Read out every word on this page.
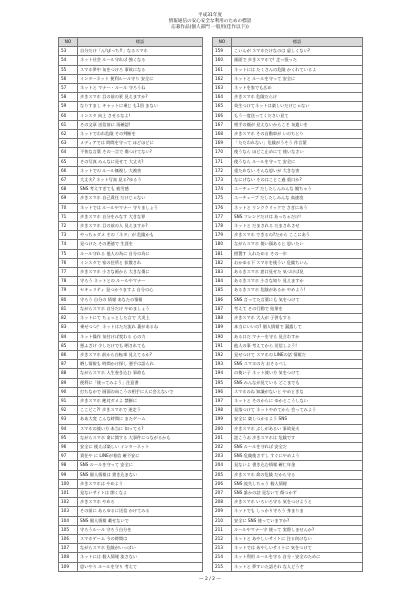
平成31年度
情報通信の安心安全な利用のための標語
応募作品(個人部門 一般用(佳作以下))
NO	標語
53	自分だけ「ん!ぼっち!!」なるスマホ
54	ネット社会 ルール守れば 強くなる
55	スマホ夢中 気をつけろ 事故になる
56	インターネット 便利ルール守り 安全に
57	ネットと マナー・ルール 守ろうね
58	歩きスマホ 目の前の景 見えますか?
59	なりすまし キャットに乗じ も1回 まない
60	インスタ 向上 させるなよ!
61	その文章 送信前に 再確認!
62	ネットでわれ危険 その判断を
63	メディアでは 時間を守って ほどほどに
64	不快な言葉 その一言で 傷つけてない?
65	その写真 みんなに見せて 大丈夫?
66	ネットでの ルール無視し 大被害
67	大丈夫? ネット写真 見る?ゆるう
68	SNS 考えすぎても 疲労感
69	歩きスマホ 自己責任 だけじゃない
70	ネットでは ルールやマナー 守りましょう
71	歩きスマホ 自分をみなす 大きな罪
72	歩きスマホ 目の前の人 見えますか?
73	やっちゃダメ その「ネタ」が 危険かも
74	見つけた その悪徳で 生涯を
75	ルール守れる 他人の為に 自分の為に
76	インスタで 家の住所と 拡散され
77	歩きスマホ 小さな画から 大きな傷に
78	守ろう ネットとの ルールやマナー
79	セキュリティ 見つかりますよ 自分の心
80	守ろう 自分の 情報 あなたの情報
81	ながらスマホ 自分だけ やめましょう
82	ネットにて ちょっとした言で 大炎上
83	乗せつつ？ ネットはただ流れ 裏があるね
84	ネット操作 気付けば変わる 心の力
85	悪ふざけ 少しだけでも 晒されても
86	歩きスマホ 前から自転車 見えてるか?
87	晒し情報も 時間かけ探し 悪手は語られ
88	ながらスマホ 人生巻き込む 事故も
89	便利に「使ってみよう」注意書
90	打ちなかで 画面の向こうの相手に人に会えないで
91	歩きスマホ 絶対ダメよ 禁断に
92	ここどこ?! 歩きスマホで 迷走う
93	ああ大変 こんな時間に またゲーム
94	スマホの使い方 本当に 知ってる?
95	ながらスマホ 命に関する 大事件につながるかも
96	安全に 使えば楽しい インターネット
97	責任や に LINEが着信 確不安に
98	SNS ルールを守って 安全に
99	SNS 個人情報は 書き込まない
100	歩きスマホは やめよう
101	見ないサイトは 開くなよ
102	歩きスマホ やめろ
103	その前に あらゆるに送信 かけてみる
104	SNS 個人情報 載せないで
105	守ろうルール 守ろう自分を
106	スマホゲーム 今の時間は
107	ながらスマホ 危険がいっぱい
108	ネットには 個人情報 流さない
109	思いやり ルールを守り 考えて
NO	標語
159	こいんが スマホだけなのは 虚しくない?
160	画面で 歩きスマホで! 走っ張った
161	ネットには たくさんの危険 かくれているよ
162	ネットと ルールを守って 安全に
163	ネットを家でも広め
164	歩きスマホ 危険だらけ
165	英生つけてネットは楽しいだけじゃない
166	もう一度送ってください見て
167	相手の顔が 見えないからこそ 気遣いを
168	歩きスマホ その自動車が いのちとり
169	「ただわれない」危険がうそう 作言葉
170	使うなら ほどこ止めにて 使いなさい
171	使うなら ルールを守って 安全に
172	重ためない そんな思いが 大きな害
173	なにげない そのはことこ過 重口か?
174	ユーチューブ だしたしんみんな 観ちゃう
175	ユーチューブ だしたしみんな 高速攻
176	ネットと リンククリックで さぎにあう
177	SNS フレンドだけは あっちゃだけ!
178	ネットと だまされる だまされさせ
179	歩きスマホ できるの?だから ここにあう
180	ながらスマホ 使い頭あると 思いたい
181	措置す 入れためる その一歩
182	おかゆる下 スマホを使うい 危険ちいん
183	あるきスマホ 窓口見せた 気づけば見
184	あるきスマホ 小さな知り 見えますか
185	あるきスマホ 危険があるか やめよう!
186	SNS 言ってた言葉にも 気をつけて
187	考えて その行動で 結果を
188	歩きスマホ 大人が 子供もする
189	本当にいいの? 個人情報で 漏露して
190	ある口だ マナーを守る 見合わすか
191	他人の事 考えてから 送信しよう!
192	見せつけて スマホの LINEの話 情報だ
193	SNS スマホの方 おそるべし
194	の使い子 ネット使い方 気をつけて
195	SNS みんなが見ている どこまでも
196	スマホのね 知識がないと やめときな
197	ネットと そのからに ゆかとこうしない
198	見落つけて ネットやめてから 会ってみよう
199	安全に 楽しつかるよう SNS
200	歩きスマホ ぶしがあるい 事故発火
201	話こうお 歩きスマホは 危険です
202	SNS ルールを守れば 安全だ
203	SNS 危険使さずし すぐにやめよう
204	見ないよ 書き込む情報 確仁年金
205	歩きスマホ 命の危険 だから守る
206	SNS 流失しちゃう 個人情報
207	SNS 誰かの話 見ないで 傷つかず
208	歩きスマホ いろいろ守る 気をつけようと
209	ネットでも しっかり守ろう 身まりま
210	安全に SNS 使っていますか?
211	ルールやマナー守 使って 実際しませんか?
212	ネットと あやしいサイトに 注る何けない
213	ネットでは あやしいサイトに 気をつけて
214	ネット利用 ルールを守る 自分・安全のために
215	ネットと 夢すいた語それ な人どうぞ
— 2 / 2 —
